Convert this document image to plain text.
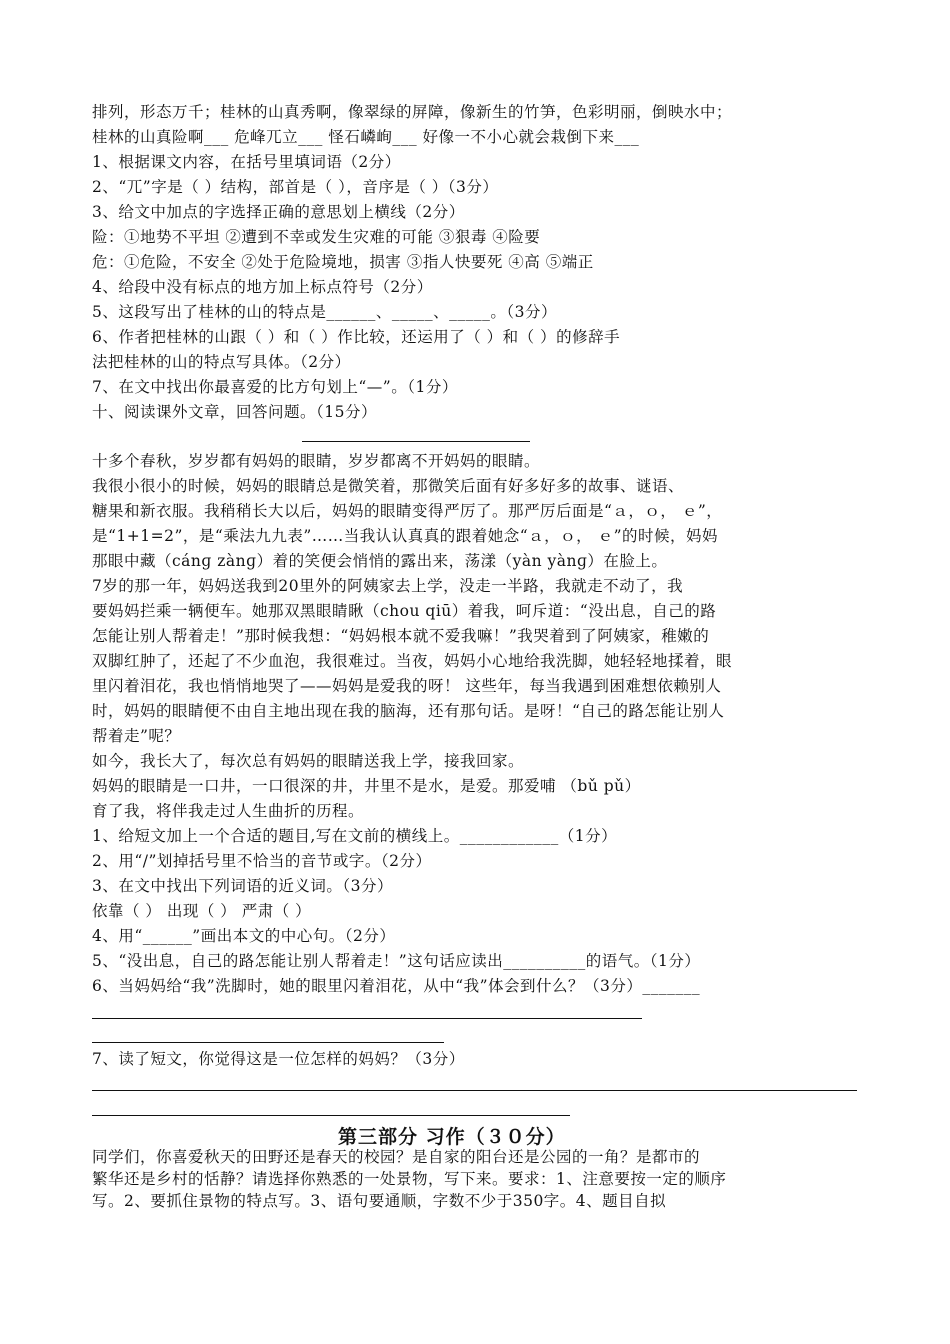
排列，形态万千；桂林的山真秀啊，像翠绿的屏障，像新生的竹笋，色彩明丽，倒映水中；
桂林的山真险啊___ 危峰兀立___ 怪石嶙峋___ 好像一不小心就会栽倒下来___
1、根据课文内容，在括号里填词语（2分）
2、“兀”字是（ ）结构，部首是（ ），音序是（ ）（3分）
3、给文中加点的字选择正确的意思划上横线（2分）
险：①地势不平坦 ②遭到不幸或发生灾难的可能 ③狠毒 ④险要
危：①危险，不安全 ②处于危险境地，损害 ③指人快要死 ④高 ⑤端正
4、给段中没有标点的地方加上标点符号（2分）
5、这段写出了桂林的山的特点是______、_____、_____。（3分）
6、作者把桂林的山跟（ ）和（ ）作比较，还运用了（ ）和（ ）的修辞手
法把桂林的山的特点写具体。（2分）
7、在文中找出你最喜爱的比方句划上“—”。（1分）
十、阅读课外文章，回答问题。（15分）
十多个春秋，岁岁都有妈妈的眼睛，岁岁都离不开妈妈的眼睛。
我很小很小的时候，妈妈的眼睛总是微笑着，那微笑后面有好多好多的故事、谜语、
糖果和新衣服。我稍稍长大以后，妈妈的眼睛变得严厉了。那严厉后面是“ａ，ｏ， ｅ”，
是“1+1=2”，是“乘法九九表”……当我认认真真的跟着她念“ａ，ｏ， ｅ”的时候，妈妈
那眼中藏（cánɡ zànɡ）着的笑便会悄悄的露出来，荡漾（yàn yànɡ）在脸上。
7岁的那一年，妈妈送我到20里外的阿姨家去上学，没走一半路，我就走不动了，我
要妈妈拦乘一辆便车。她那双黑眼睛瞅（chou qiū）着我，呵斥道：“没出息，自己的路
怎能让别人帮着走！”那时候我想：“妈妈根本就不爱我嘛！”我哭着到了阿姨家，稚嫩的
双脚红肿了，还起了不少血泡，我很难过。当夜，妈妈小心地给我洗脚，她轻轻地揉着，眼
里闪着泪花，我也悄悄地哭了——妈妈是爱我的呀！ 这些年，每当我遇到困难想依赖别人
时，妈妈的眼睛便不由自主地出现在我的脑海，还有那句话。是呀！“自己的路怎能让别人
帮着走”呢？
如今，我长大了，每次总有妈妈的眼睛送我上学，接我回家。
妈妈的眼睛是一口井，一口很深的井，井里不是水，是爱。那爱哺 （bǔ pǔ）
育了我，将伴我走过人生曲折的历程。
1、给短文加上一个合适的题目,写在文前的横线上。____________（1分）
2、用“/”划掉括号里不恰当的音节或字。（2分）
3、在文中找出下列词语的近义词。（3分）
依靠（ ） 出现（ ） 严肃（ ）
4、用“______”画出本文的中心句。（2分）
5、“没出息，自己的路怎能让别人帮着走！”这句话应读出__________的语气。（1分）
6、当妈妈给“我”洗脚时，她的眼里闪着泪花，从中“我”体会到什么？（3分）_______
7、读了短文，你觉得这是一位怎样的妈妈？（3分）
第三部分 习作（３０分）
同学们，你喜爱秋天的田野还是春天的校园？是自家的阳台还是公园的一角？是都市的
繁华还是乡村的恬静？请选择你熟悉的一处景物，写下来。要求：1、注意要按一定的顺序
写。2、要抓住景物的特点写。3、语句要通顺，字数不少于350字。4、题目自拟
